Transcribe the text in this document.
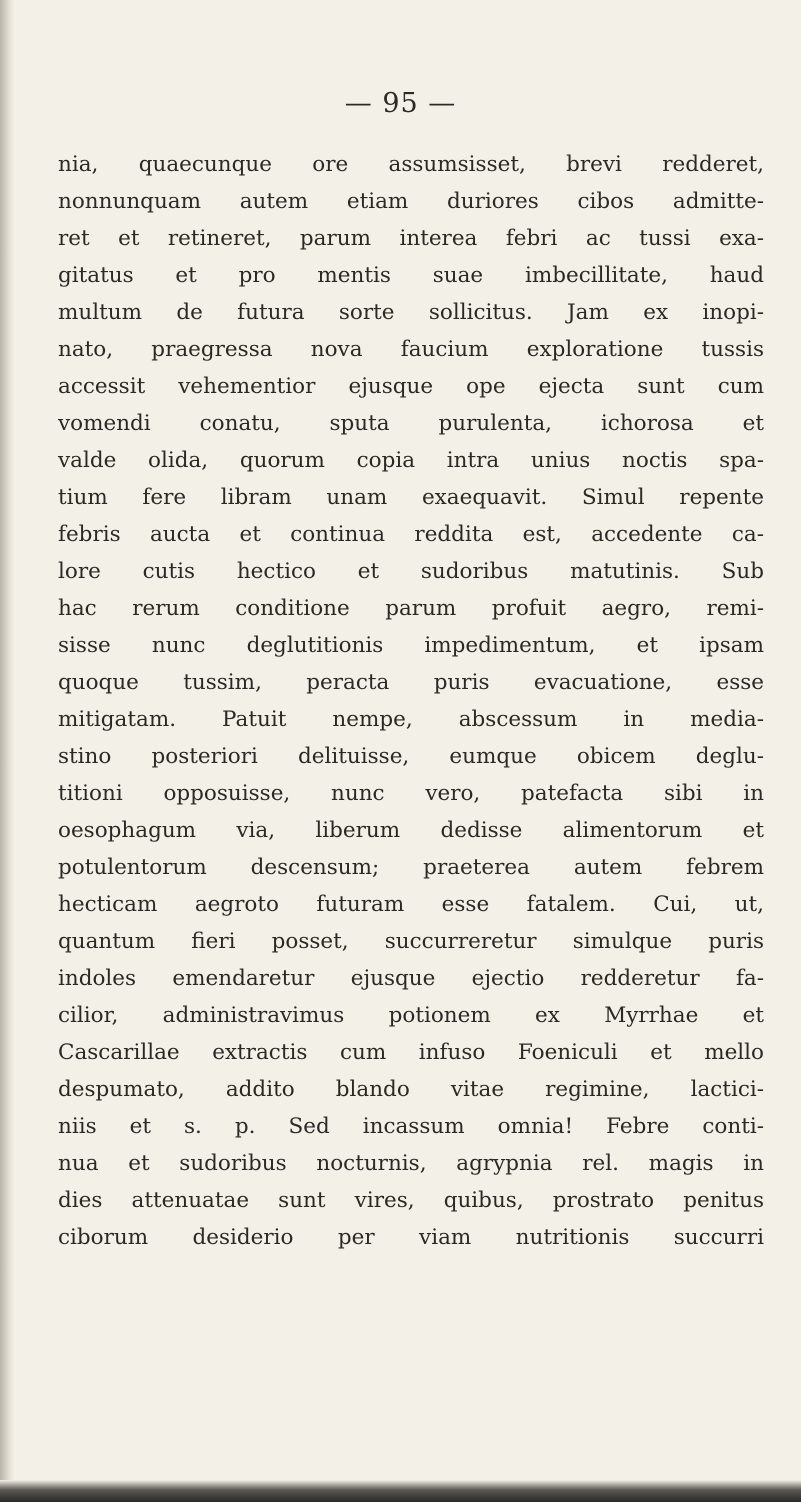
— 95 —
nia, quaecunque ore assumsisset, brevi redderet,
nonnunquam autem etiam duriores cibos admitte-
ret et retineret, parum interea febri ac tussi exa-
gitatus et pro mentis suae imbecillitate, haud
multum de futura sorte sollicitus. Jam ex inopi-
nato, praegressa nova faucium exploratione tussis
accessit vehementior ejusque ope ejecta sunt cum
vomendi conatu, sputa purulenta, ichorosa et
valde olida, quorum copia intra unius noctis spa-
tium fere libram unam exaequavit. Simul repente
febris aucta et continua reddita est, accedente ca-
lore cutis hectico et sudoribus matutinis. Sub
hac rerum conditione parum profuit aegro, remi-
sisse nunc deglutitionis impedimentum, et ipsam
quoque tussim, peracta puris evacuatione, esse
mitigatam. Patuit nempe, abscessum in media-
stino posteriori delituisse, eumque obicem deglu-
titioni opposuisse, nunc vero, patefacta sibi in
oesophagum via, liberum dedisse alimentorum et
potulentorum descensum; praeterea autem febrem
hecticam aegroto futuram esse fatalem. Cui, ut,
quantum fieri posset, succurreretur simulque puris
indoles emendaretur ejusque ejectio redderetur fa-
cilior, administravimus potionem ex Myrrhae et
Cascarillae extractis cum infuso Foeniculi et mello
despumato, addito blando vitae regimine, lactici-
niis et s. p. Sed incassum omnia! Febre conti-
nua et sudoribus nocturnis, agrypnia rel. magis in
dies attenuatae sunt vires, quibus, prostrato penitus
ciborum desiderio per viam nutritionis succurri
